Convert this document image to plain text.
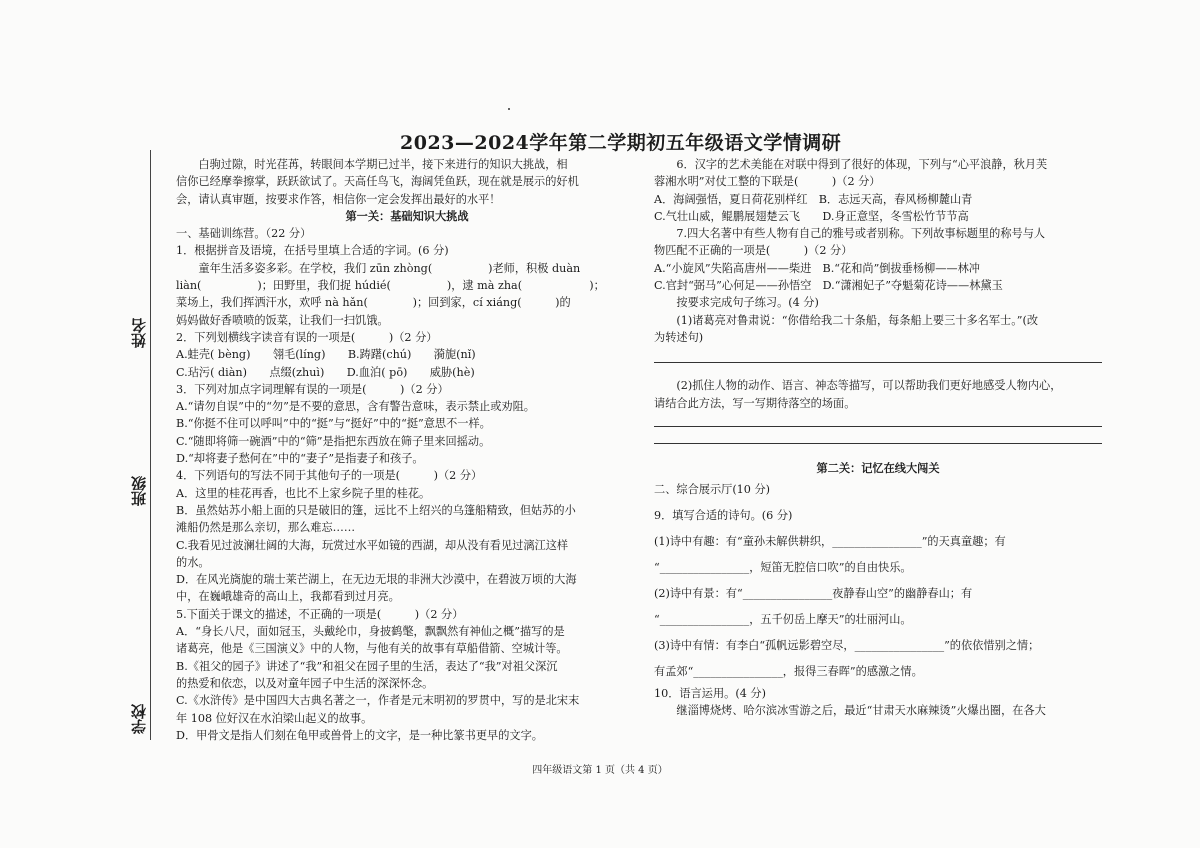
2023—2024学年第二学期初五年级语文学情调研
姓名
班级
学校

白驹过隙，时光荏苒，转眼间本学期已过半，接下来进行的知识大挑战，相

信你已经摩拳擦掌，跃跃欲试了。天高任鸟飞，海阔凭鱼跃，现在就是展示的好机

会，请认真审题，按要求作答，相信你一定会发挥出最好的水平！

第一关：基础知识大挑战

一、基础训练营。（22 分）

1．根据拼音及语境，在括号里填上合适的字词。(6 分)

童年生活多姿多彩。在学校，我们 zūn zhòng(　　　　　)老师，积极 duàn

liàn(　　　　　)；田野里，我们捉 húdié(　　　　　)，逮 mà zha(　　　　　　)；

菜场上，我们挥洒汗水，欢呼 nà hǎn(　　　　)；回到家，cí xiáng(　　　)的

妈妈做好香喷喷的饭菜，让我们一扫饥饿。

2．下列划横线字读音有误的一项是(　　　)（2 分）

A.蛙壳( bèng)　　翎毛(líng)　　B.踌躇(chú)　　漪旎(nǐ)

C.玷污( diàn)　　点缀(zhuì)　　D.血泊( pō)　　威胁(hè)

3．下列对加点字词理解有误的一项是(　　　)（2 分）

A.“请勿自误”中的“勿”是不要的意思，含有警告意味，表示禁止或劝阻。

B.“你挺不住可以呼叫”中的“挺”与“挺好”中的“挺”意思不一样。

C.“随即将筛一碗酒”中的“筛”是指把东西放在筛子里来回摇动。

D.“却将妻子愁何在”中的“妻子”是指妻子和孩子。

4．下列语句的写法不同于其他句子的一项是(　　　)（2 分）

A．这里的桂花再香，也比不上家乡院子里的桂花。

B．虽然姑苏小船上面的只是破旧的篷，远比不上绍兴的乌篷船精致，但姑苏的小

滩船仍然是那么亲切，那么难忘……

C.我看见过波澜壮阔的大海，玩赏过水平如镜的西湖，却从没有看见过漓江这样

的水。

D．在风光旖旎的瑞士莱芒湖上，在无边无垠的非洲大沙漠中，在碧波万顷的大海

中，在巍峨雄奇的高山上，我都看到过月亮。

5.下面关于课文的描述，不正确的一项是(　　　)（2 分）

A．“身长八尺，面如冠玉，头戴纶巾，身披鹤氅，飘飘然有神仙之概”描写的是

诸葛亮，他是《三国演义》中的人物，与他有关的故事有草船借箭、空城计等。

B.《祖父的园子》讲述了“我”和祖父在园子里的生活，表达了“我”对祖父深沉

的热爱和依恋，以及对童年园子中生活的深深怀念。

C.《水浒传》是中国四大古典名著之一，作者是元末明初的罗贯中，写的是北宋末

年 108 位好汉在水泊梁山起义的故事。

D．甲骨文是指人们刻在龟甲或兽骨上的文字，是一种比篆书更早的文字。

6．汉字的艺术美能在对联中得到了很好的体现，下列与“心平浪静，秋月芙

蓉湘水明”对仗工整的下联是(　　　)（2 分）

A．海阔强悟，夏日荷花别样红　B．志远天高，春风杨柳麓山青

C.气壮山威，鲲鹏展翅楚云飞　　D.身正意坚，冬雪松竹节节高

7.四大名著中有些人物有自己的雅号或者别称。下列故事标题里的称号与人

物匹配不正确的一项是(　　　)（2 分）

A.“小旋风”失陷高唐州——柴进　B.“花和尚”倒拔垂杨柳——林冲

C.官封“弼马”心何足——孙悟空　D.“潇湘妃子”夺魁菊花诗——林黛玉

按要求完成句子练习。(4 分)

(1)诸葛亮对鲁肃说：“你借给我二十条船，每条船上要三十多名军士。”(改

为转述句)

(2)抓住人物的动作、语言、神态等描写，可以帮助我们更好地感受人物内心，

请结合此方法，写一写期待落空的场面。

第二关：记忆在线大闯关

二、综合展示厅(10 分)

9．填写合适的诗句。(6 分)

(1)诗中有趣：有“童孙未解供耕织，________________”的天真童趣；有

“________________，短笛无腔信口吹”的自由快乐。

(2)诗中有景：有“________________夜静春山空”的幽静春山；有

“________________，五千仞岳上摩天”的壮丽河山。

(3)诗中有情：有李白“孤帆远影碧空尽，________________”的依依惜别之情；

有孟郊“________________，报得三春晖”的感激之情。

10．语言运用。(4 分)

继淄博烧烤、哈尔滨冰雪游之后，最近“甘肃天水麻辣烫”火爆出圈，在各大

四年级语文第 1 页（共 4 页）
